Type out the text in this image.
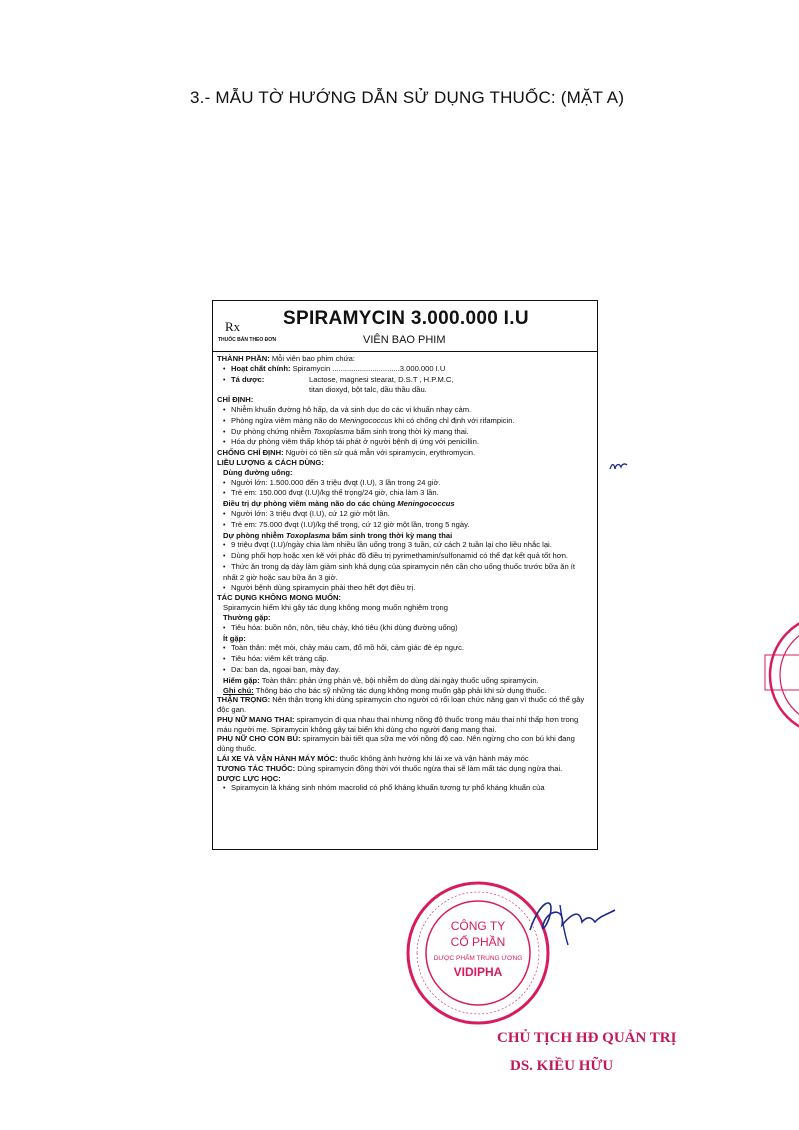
3.- MẪU TỜ HƯỚNG DẪN SỬ DỤNG THUỐC: (MẶT A)
Rx
THUỐC BÁN THEO ĐƠN
SPIRAMYCIN 3.000.000 I.U
VIÊN BAO PHIM
THÀNH PHẦN: Mỗi viên bao phim chứa:
• Hoạt chất chính: Spiramycin ................................3.000.000 I.U
• Tá dược:	Lactose, magnesi stearat, D.S.T , H.P.M.C,
titan dioxyd, bột talc, dầu thầu dầu.
CHỈ ĐỊNH:
• Nhiễm khuẩn đường hô hấp, da và sinh dục do các vi khuẩn nhạy cảm.
• Phòng ngừa viêm màng não do Meningococcus khi có chống chỉ định với rifampicin.
• Dự phòng chứng nhiễm Toxoplasma bẩm sinh trong thời kỳ mang thai.
• Hóa dự phòng viêm thấp khớp tái phát ở người bệnh dị ứng với penicillin.
CHỐNG CHỈ ĐỊNH: Người có tiền sử quá mẫn với spiramycin, erythromycin.
LIỀU LƯỢNG & CÁCH DÙNG:
Dùng đường uống:
• Người lớn: 1.500.000 đến 3 triệu đvqt (I.U), 3 lần trong 24 giờ.
• Trẻ em: 150.000 đvqt (I.U)/kg thể trọng/24 giờ, chia làm 3 lần.
Điều trị dự phòng viêm màng não do các chủng Meningococcus
• Người lớn: 3 triệu đvqt (I.U), cứ 12 giờ một lần.
• Trẻ em: 75.000 đvqt (I.U)/kg thể trọng, cứ 12 giờ một lần, trong 5 ngày.
Dự phòng nhiễm Toxoplasma bẩm sinh trong thời kỳ mang thai
• 9 triệu đvqt (I.U)/ngày chia làm nhiều lần uống trong 3 tuần, cứ cách 2 tuần lại cho liều nhắc lại.
• Dùng phối hợp hoặc xen kẽ với phác đồ điều trị pyrimethamin/sulfonamid có thể đạt kết quả tốt hơn.
• Thức ăn trong dạ dày làm giảm sinh khả dụng của spiramycin nên cần cho uống thuốc trước bữa ăn ít nhất 2 giờ hoặc sau bữa ăn 3 giờ.
• Người bệnh dùng spiramycin phải theo hết đợt điều trị.
TÁC DỤNG KHÔNG MONG MUỐN:
Spiramycin hiếm khi gây tác dụng không mong muốn nghiêm trọng
Thường gặp:
• Tiêu hóa: buồn nôn, nôn, tiêu chảy, khó tiêu (khi dùng đường uống)
Ít gặp:
• Toàn thân: mệt mỏi, chảy máu cam, đổ mồ hôi, cảm giác đè ép ngực.
• Tiêu hóa: viêm kết tràng cấp.
• Da: ban da, ngoại ban, mày đay.
Hiếm gặp: Toàn thân: phản ứng phản vệ, bội nhiễm do dùng dài ngày thuốc uống spiramycin.
Ghi chú: Thông báo cho bác sỹ những tác dụng không mong muốn gặp phải khi sử dụng thuốc.
THẬN TRỌNG: Nên thận trọng khi dùng spiramycin cho người có rối loạn chức năng gan vì thuốc có thể gây độc gan.
PHỤ NỮ MANG THAI: spiramycin đi qua nhau thai nhưng nồng độ thuốc trong máu thai nhi thấp hơn trong máu người mẹ. Spiramycin không gây tai biến khi dùng cho người đang mang thai.
PHỤ NỮ CHO CON BÚ: spiramycin bài tiết qua sữa mẹ với nồng độ cao. Nên ngừng cho con bú khi đang dùng thuốc.
LÁI XE VÀ VẬN HÀNH MÁY MÓC: thuốc không ảnh hưởng khi lái xe và vận hành máy móc
TƯƠNG TÁC THUỐC: Dùng spiramycin đồng thời với thuốc ngừa thai sẽ làm mất tác dụng ngừa thai.
DƯỢC LỰC HỌC:
• Spiramycin là kháng sinh nhóm macrolid có phổ kháng khuẩn tương tự phổ kháng khuẩn của
CÔNG TY
CỔ PHẦN
DƯỢC PHẨM TRUNG ƯƠNG
VIDIPHA
CHỦ TỊCH HĐ QUẢN TRỊ
DS. KIỀU HỮU
